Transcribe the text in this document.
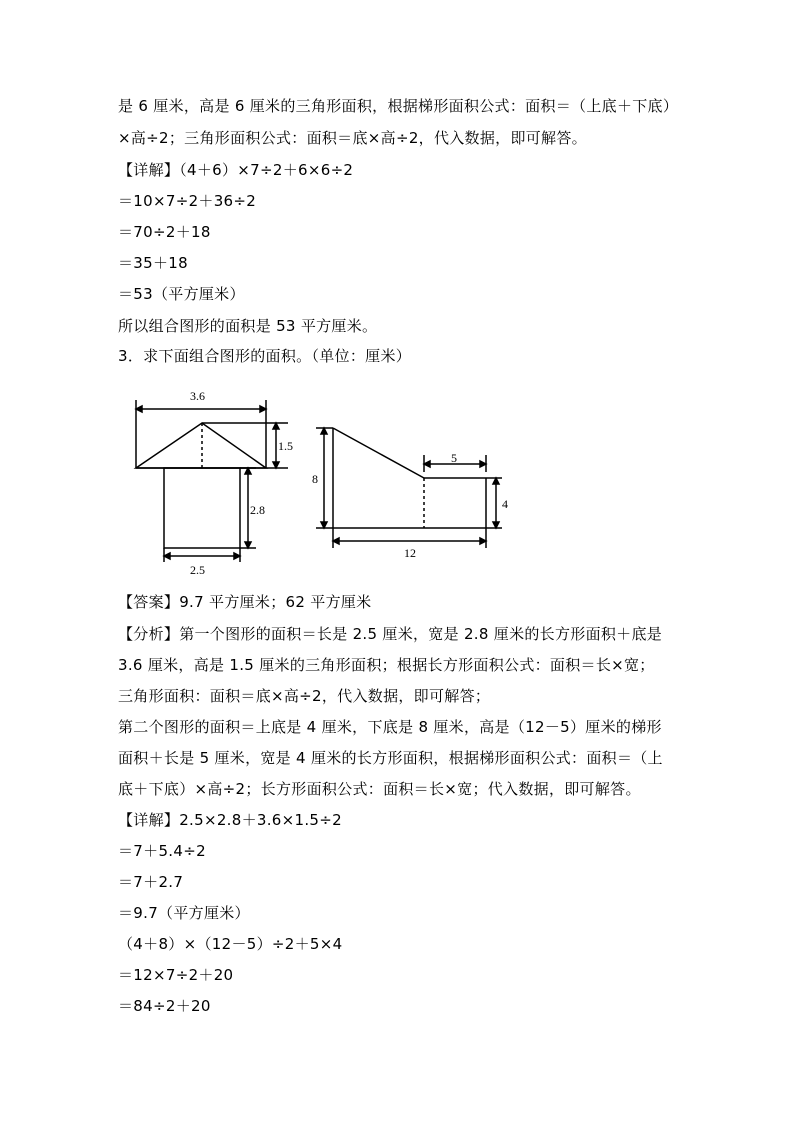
是 6 厘米，高是 6 厘米的三角形面积，根据梯形面积公式：面积＝（上底＋下底）
×高÷2；三角形面积公式：面积＝底×高÷2，代入数据，即可解答。
【详解】（4＋6）×7÷2＋6×6÷2
＝10×7÷2＋36÷2
＝70÷2＋18
＝35＋18
＝53（平方厘米）
所以组合图形的面积是 53 平方厘米。
3．求下面组合图形的面积。（单位：厘米）
3.6
1.5
2.8
2.5
8
5
4
12
【答案】9.7 平方厘米；62 平方厘米
【分析】第一个图形的面积＝长是 2.5 厘米，宽是 2.8 厘米的长方形面积＋底是
3.6 厘米，高是 1.5 厘米的三角形面积；根据长方形面积公式：面积＝长×宽；
三角形面积：面积＝底×高÷2，代入数据，即可解答；
第二个图形的面积＝上底是 4 厘米，下底是 8 厘米，高是（12－5）厘米的梯形
面积＋长是 5 厘米，宽是 4 厘米的长方形面积，根据梯形面积公式：面积＝（上
底＋下底）×高÷2；长方形面积公式：面积＝长×宽；代入数据，即可解答。
【详解】2.5×2.8＋3.6×1.5÷2
＝7＋5.4÷2
＝7＋2.7
＝9.7（平方厘米）
（4＋8）×（12－5）÷2＋5×4
＝12×7÷2＋20
＝84÷2＋20
